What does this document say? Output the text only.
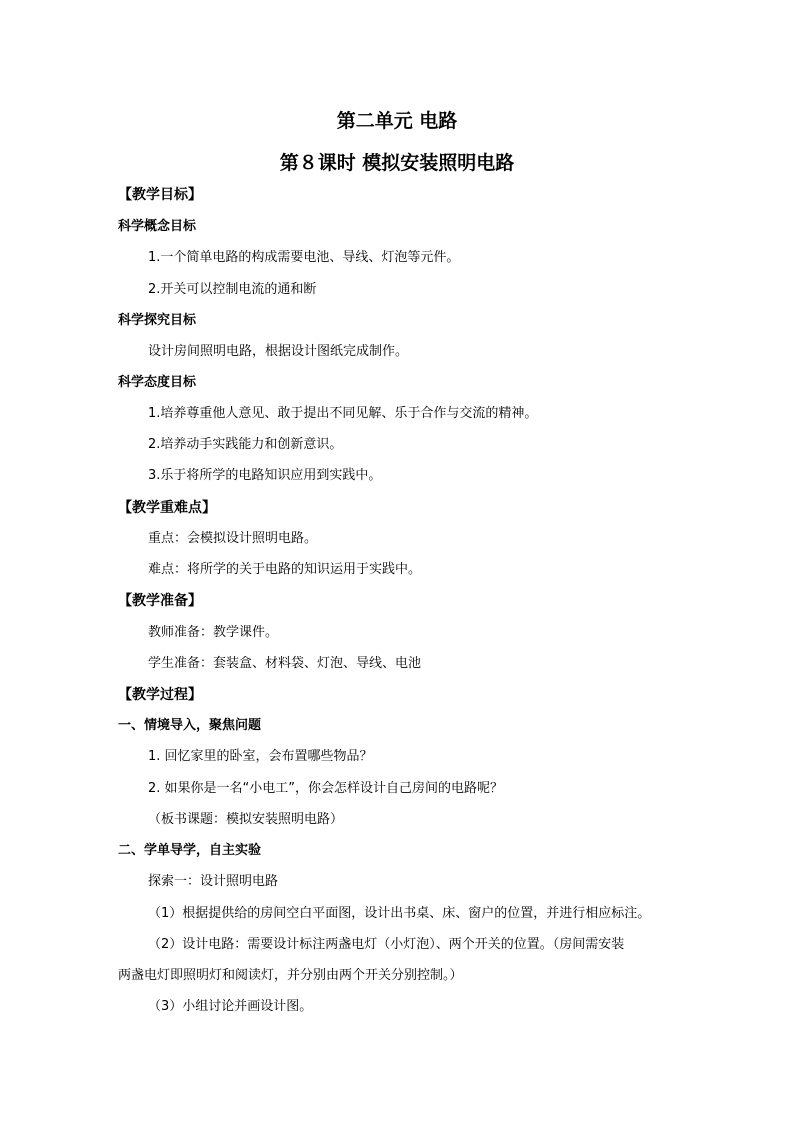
第二单元 电路
第８课时 模拟安装照明电路
【教学目标】
科学概念目标
1.一个简单电路的构成需要电池、导线、灯泡等元件。
2.开关可以控制电流的通和断
科学探究目标
设计房间照明电路，根据设计图纸完成制作。
科学态度目标
1.培养尊重他人意见、敢于提出不同见解、乐于合作与交流的精神。
2.培养动手实践能力和创新意识。
3.乐于将所学的电路知识应用到实践中。
【教学重难点】
重点：会模拟设计照明电路。
难点：将所学的关于电路的知识运用于实践中。
【教学准备】
教师准备：教学课件。
学生准备：套装盒、材料袋、灯泡、导线、电池
【教学过程】
一、情境导入，聚焦问题
1. 回忆家里的卧室，会布置哪些物品？
2. 如果你是一名“小电工”，你会怎样设计自己房间的电路呢？
（板书课题：模拟安装照明电路）
二、学单导学，自主实验
探索一：设计照明电路
（1）根据提供给的房间空白平面图，设计出书桌、床、窗户的位置，并进行相应标注。
（2）设计电路：需要设计标注两盏电灯（小灯泡）、两个开关的位置。（房间需安装
两盏电灯即照明灯和阅读灯，并分别由两个开关分别控制。）
（3）小组讨论并画设计图。
